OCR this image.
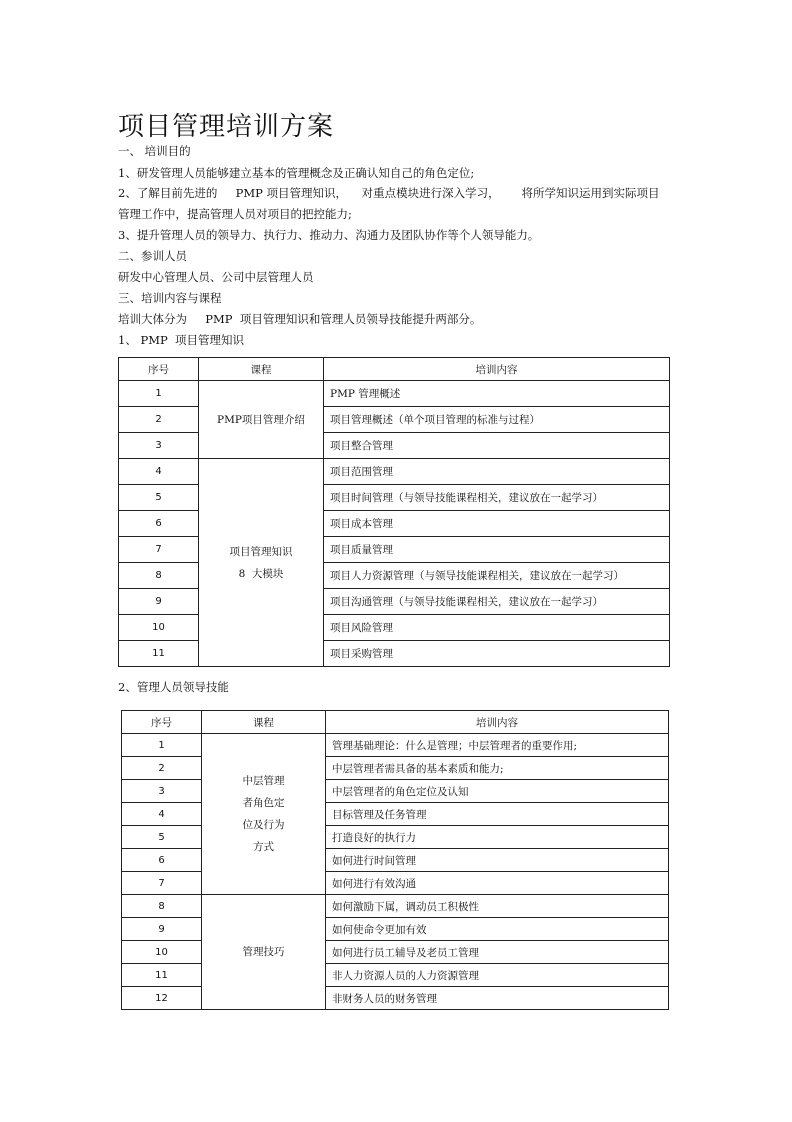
项目管理培训方案
一、 培训目的
1、研发管理人员能够建立基本的管理概念及正确认知自己的角色定位;
2、了解目前先进的     PMP 项目管理知识，    对重点模块进行深入学习，      将所学知识运用到实际项目
管理工作中，提高管理人员对项目的把控能力;
3、提升管理人员的领导力、执行力、推动力、沟通力及团队协作等个人领导能力。
二、参训人员
研发中心管理人员、公司中层管理人员
三、培训内容与课程
培训大体分为     PMP  项目管理知识和管理人员领导技能提升两部分。
1、 PMP  项目管理知识
序号	课程	培训内容
1	PMP项目管理介绍	PMP 管理概述
2		项目管理概述（单个项目管理的标准与过程）
3		项目整合管理
4	项目管理知识
8  大模块	项目范围管理
5		项目时间管理（与领导技能课程相关，建议放在一起学习）
6		项目成本管理
7		项目质量管理
8		项目人力资源管理（与领导技能课程相关，建议放在一起学习）
9		项目沟通管理（与领导技能课程相关，建议放在一起学习）
10		项目风险管理
11		项目采购管理
2、管理人员领导技能
序号	课程	培训内容
1	中层管理
者角色定
位及行为
方式	管理基础理论：什么是管理；中层管理者的重要作用;
2		中层管理者需具备的基本素质和能力;
3		中层管理者的角色定位及认知
4		目标管理及任务管理
5		打造良好的执行力
6		如何进行时间管理
7		如何进行有效沟通
8	管理技巧	如何激励下属，调动员工积极性
9		如何使命令更加有效
10		如何进行员工辅导及老员工管理
11		非人力资源人员的人力资源管理
12		非财务人员的财务管理
